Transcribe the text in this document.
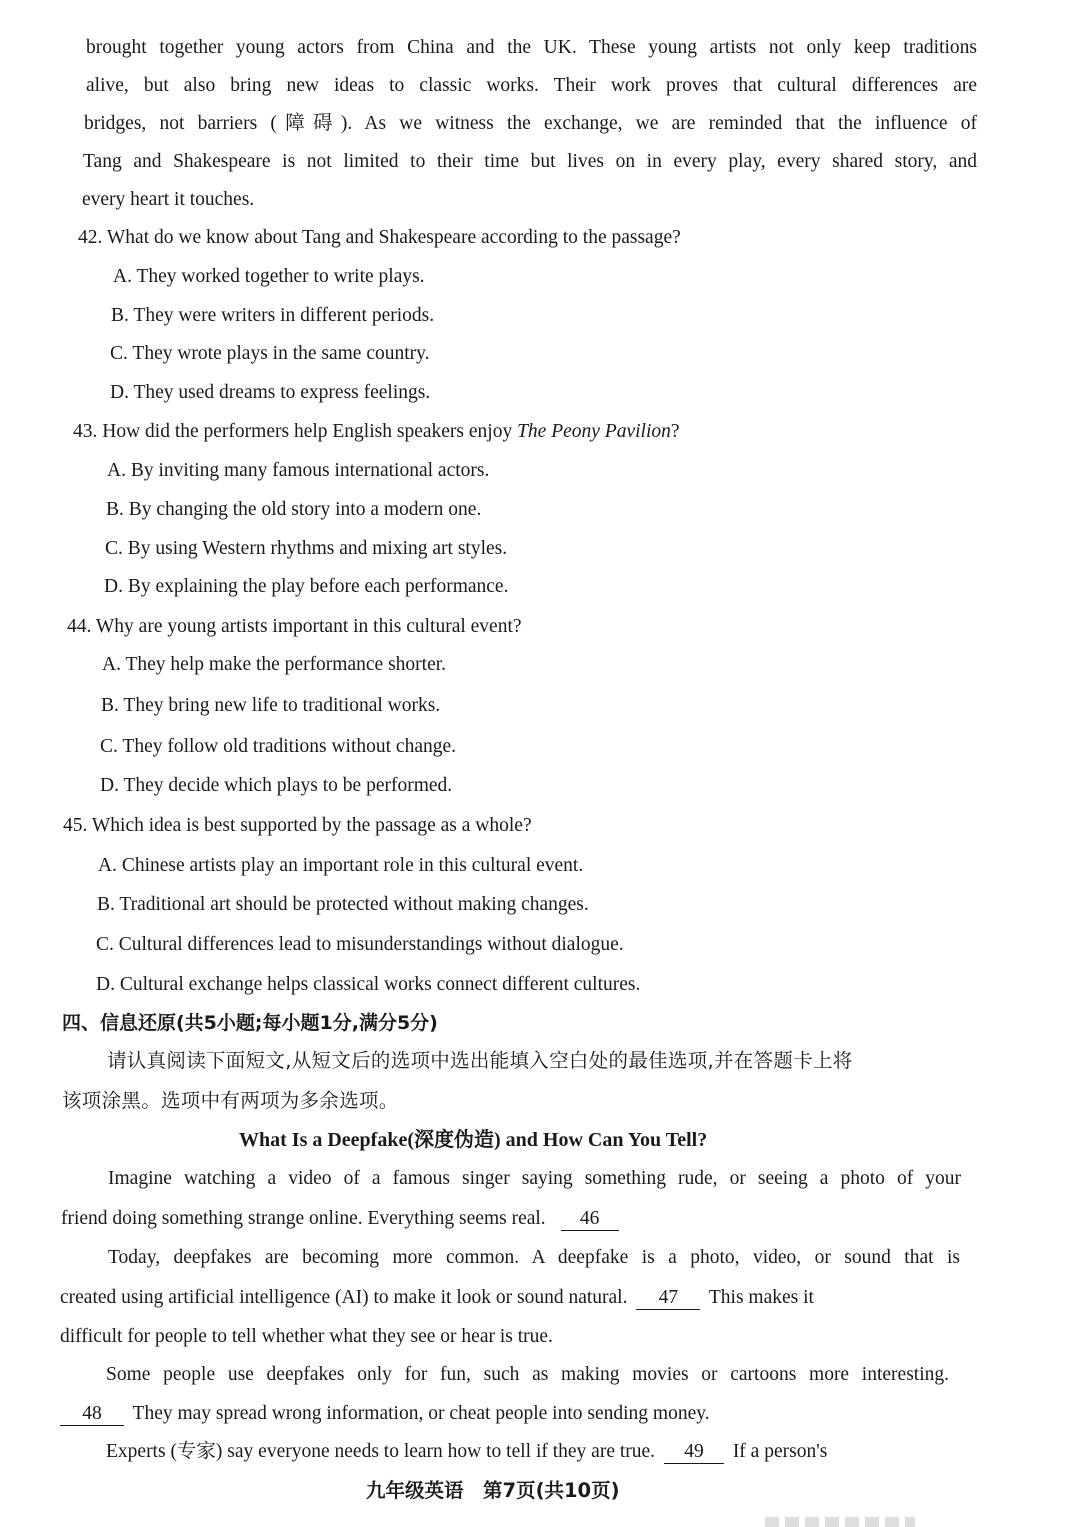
brought together young actors from China and the UK. These young artists not only keep traditions
alive, but also bring new ideas to classic works. Their work proves that cultural differences are
bridges, not barriers (障碍). As we witness the exchange, we are reminded that the influence of
Tang and Shakespeare is not limited to their time but lives on in every play, every shared story, and
every heart it touches.
42. What do we know about Tang and Shakespeare according to the passage?
A. They worked together to write plays.
B. They were writers in different periods.
C. They wrote plays in the same country.
D. They used dreams to express feelings.
43. How did the performers help English speakers enjoy The Peony Pavilion?
A. By inviting many famous international actors.
B. By changing the old story into a modern one.
C. By using Western rhythms and mixing art styles.
D. By explaining the play before each performance.
44. Why are young artists important in this cultural event?
A. They help make the performance shorter.
B. They bring new life to traditional works.
C. They follow old traditions without change.
D. They decide which plays to be performed.
45. Which idea is best supported by the passage as a whole?
A. Chinese artists play an important role in this cultural event.
B. Traditional art should be protected without making changes.
C. Cultural differences lead to misunderstandings without dialogue.
D. Cultural exchange helps classical works connect different cultures.
四、信息还原(共5小题;每小题1分,满分5分)
请认真阅读下面短文,从短文后的选项中选出能填入空白处的最佳选项,并在答题卡上将
该项涂黑。选项中有两项为多余选项。
What Is a Deepfake(深度伪造) and How Can You Tell?
Imagine watching a video of a famous singer saying something rude, or seeing a photo of your
friend doing something strange online. Everything seems real. 46
Today, deepfakes are becoming more common. A deepfake is a photo, video, or sound that is
created using artificial intelligence (AI) to make it look or sound natural. 47 This makes it
difficult for people to tell whether what they see or hear is true.
Some people use deepfakes only for fun, such as making movies or cartoons more interesting.
48 They may spread wrong information, or cheat people into sending money.
Experts (专家) say everyone needs to learn how to tell if they are true. 49 If a person's
九年级英语　第7页(共10页)
